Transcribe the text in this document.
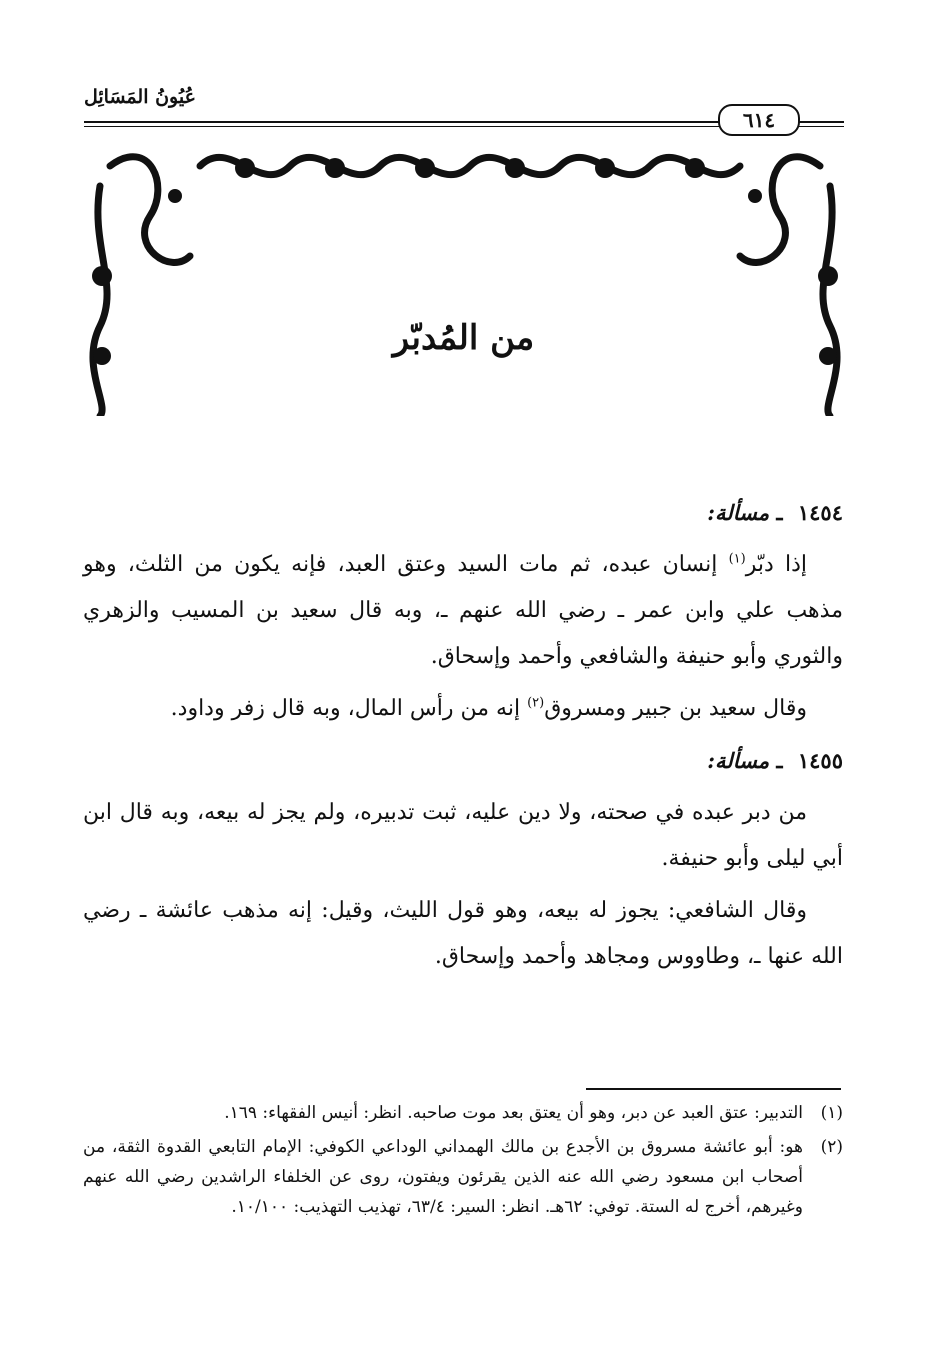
عُيُونُ المَسَائِل
٦١٤
من المُدبّر

١٤٥٤ ـ مسألة:

إذا دبّر$^{(١)}$ إنسان عبده، ثم مات السيد وعتق العبد، فإنه يكون من الثلث، وهو مذهب علي وابن عمر ـ رضي الله عنهم ـ، وبه قال سعيد بن المسيب والزهري والثوري وأبو حنيفة والشافعي وأحمد وإسحاق.

وقال سعيد بن جبير ومسروق$^{(٢)}$ إنه من رأس المال، وبه قال زفر وداود.

١٤٥٥ ـ مسألة:

من دبر عبده في صحته، ولا دين عليه، ثبت تدبيره، ولم يجز له بيعه، وبه قال ابن أبي ليلى وأبو حنيفة.

وقال الشافعي: يجوز له بيعه، وهو قول الليث، وقيل: إنه مذهب عائشة ـ رضي الله عنها ـ، وطاووس ومجاهد وأحمد وإسحاق.

(١)
التدبير: عتق العبد عن دبر، وهو أن يعتق بعد موت صاحبه. انظر: أنيس الفقهاء: ١٦٩.
(٢)
هو: أبو عائشة مسروق بن الأجدع بن مالك الهمداني الوداعي الكوفي: الإمام التابعي القدوة الثقة، من أصحاب ابن مسعود رضي الله عنه الذين يقرئون ويفتون، روى عن الخلفاء الراشدين رضي الله عنهم وغيرهم، أخرج له الستة. توفي: ٦٢هـ. انظر: السير: ٦٣/٤، تهذيب التهذيب: ١٠/١٠٠.
